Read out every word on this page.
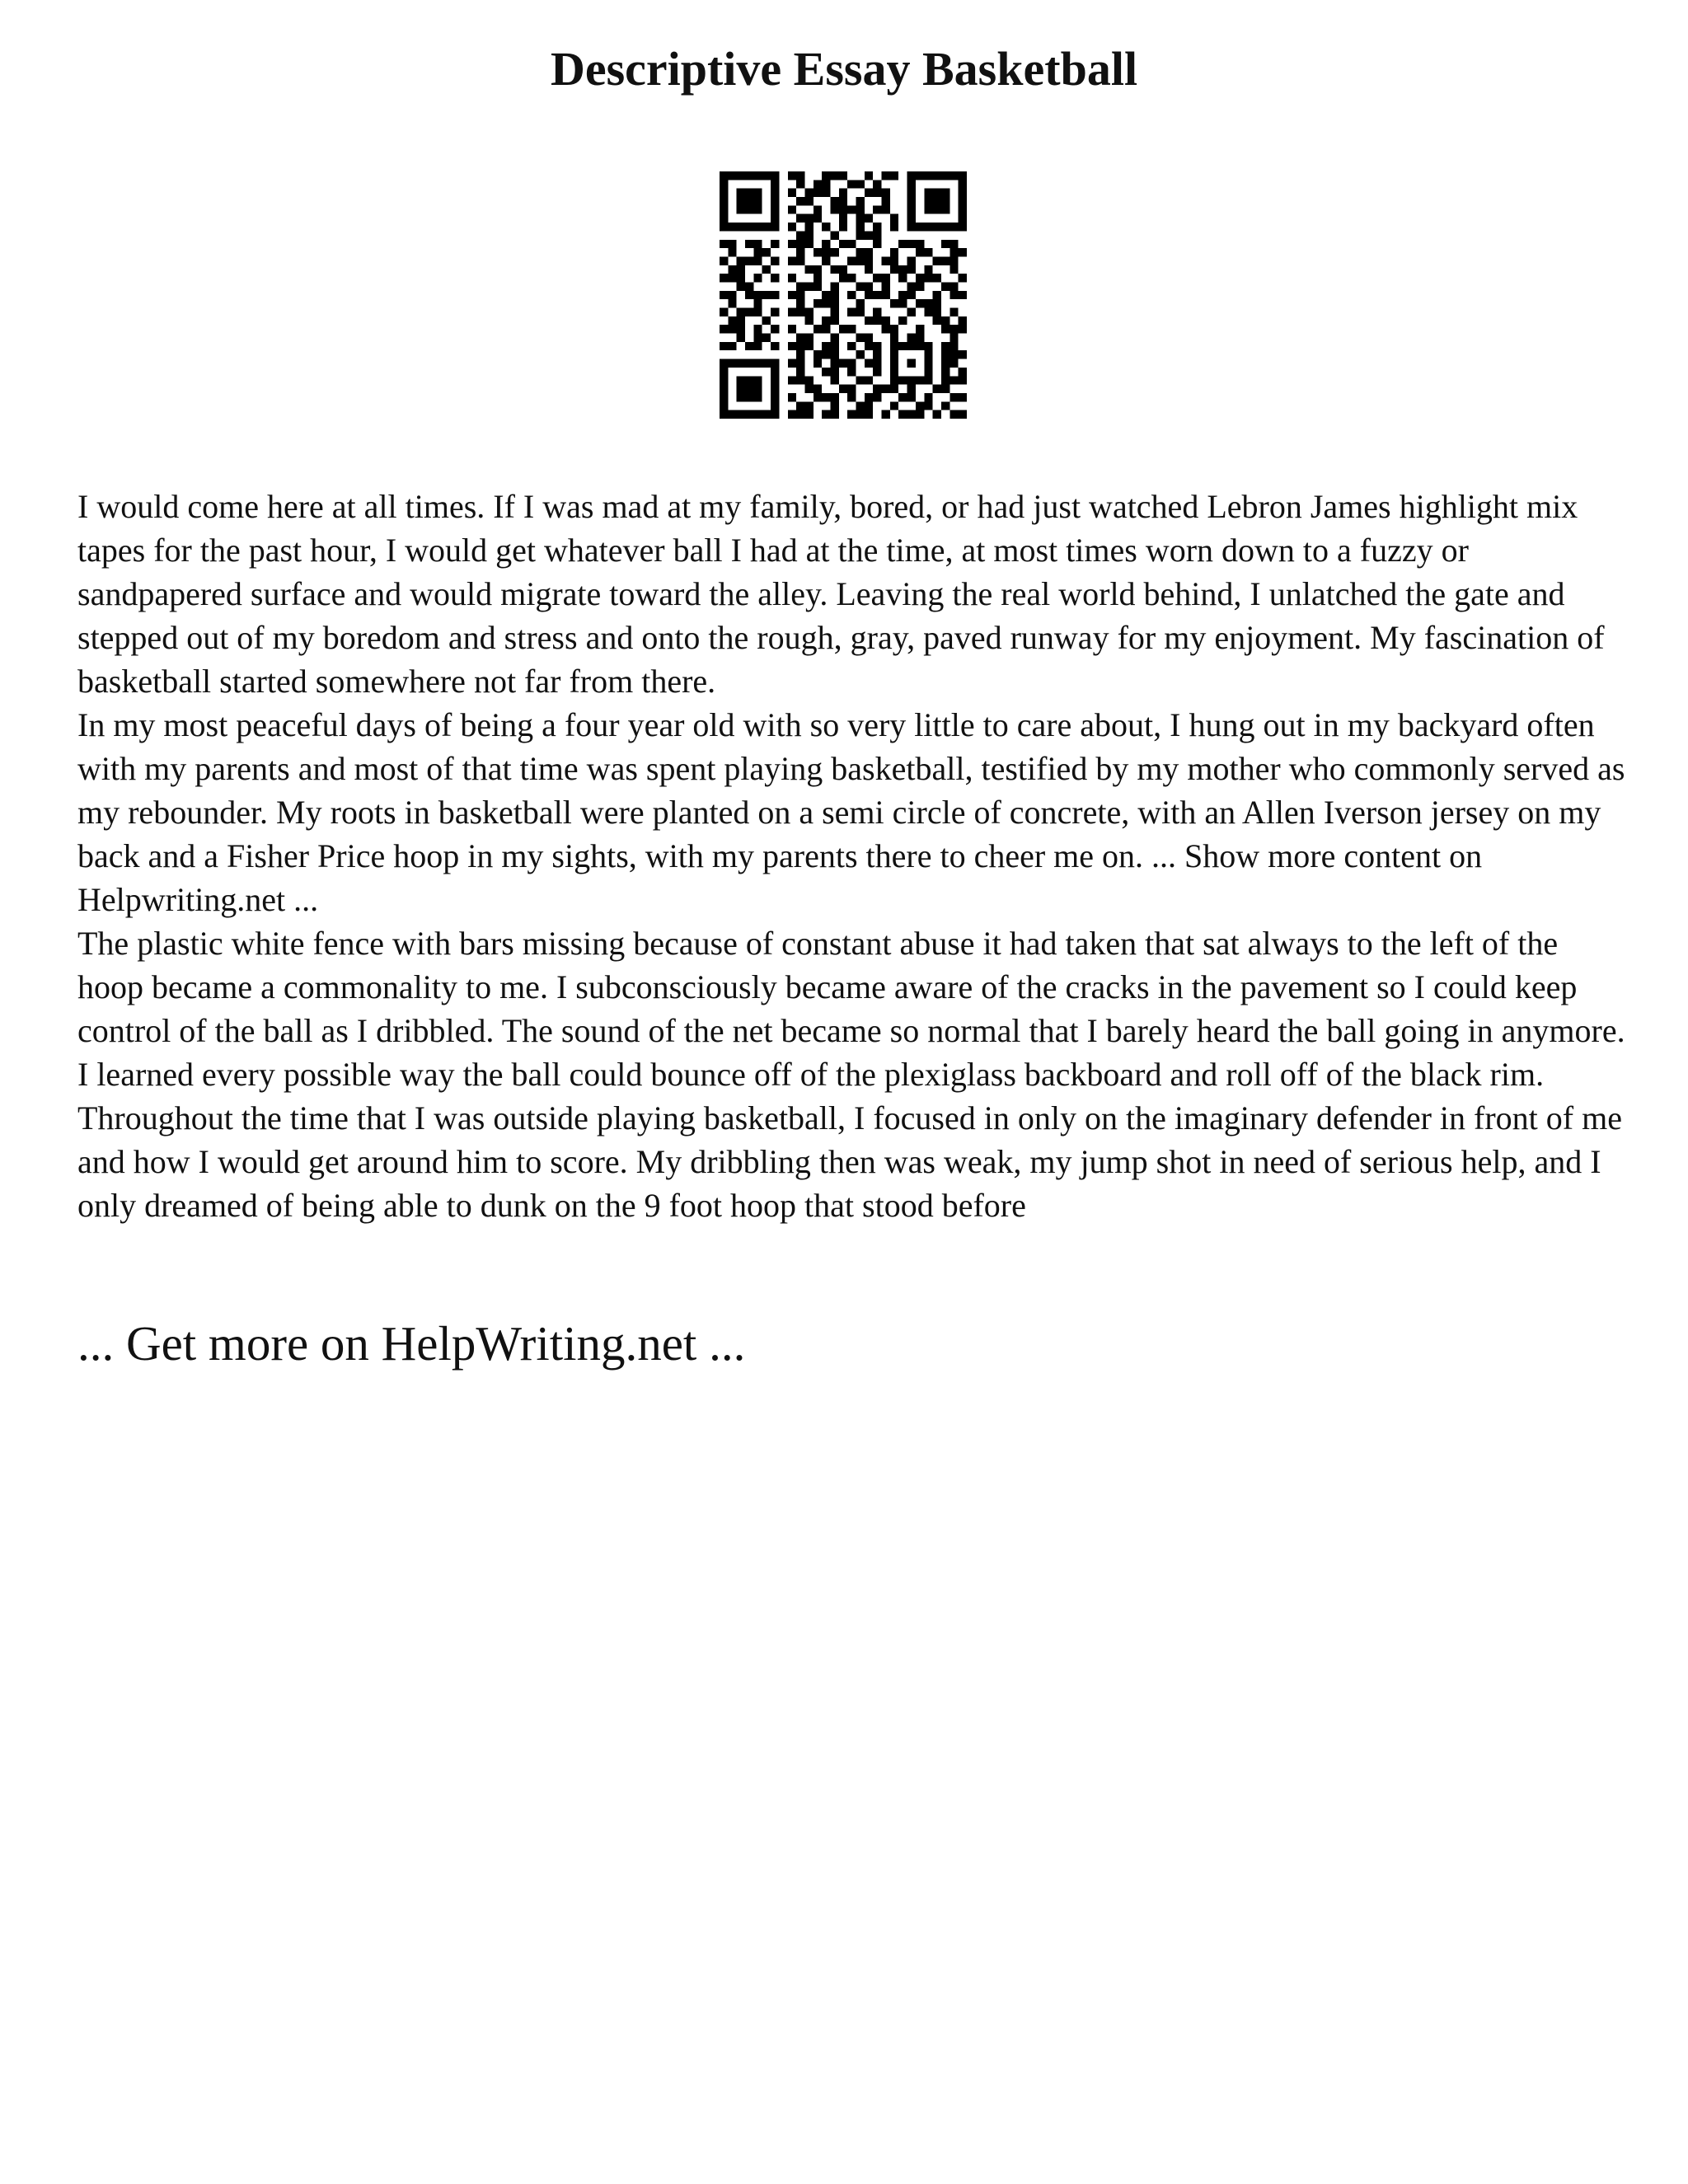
Descriptive Essay Basketball

I would come here at all times. If I was mad at my family, bored, or had just watched Lebron James highlight mix tapes for the past hour, I would get whatever ball I had at the time, at most times worn down to a fuzzy or sandpapered surface and would migrate toward the alley. Leaving the real world behind, I unlatched the gate and stepped out of my boredom and stress and onto the rough, gray, paved runway for my enjoyment. My fascination of basketball started somewhere not far from there.

In my most peaceful days of being a four year old with so very little to care about, I hung out in my backyard often with my parents and most of that time was spent playing basketball, testified by my mother who commonly served as my rebounder. My roots in basketball were planted on a semi circle of concrete, with an Allen Iverson jersey on my back and a Fisher Price hoop in my sights, with my parents there to cheer me on. ... Show more content on Helpwriting.net ...

The plastic white fence with bars missing because of constant abuse it had taken that sat always to the left of the hoop became a commonality to me. I subconsciously became aware of the cracks in the pavement so I could keep control of the ball as I dribbled. The sound of the net became so normal that I barely heard the ball going in anymore. I learned every possible way the ball could bounce off of the plexiglass backboard and roll off of the black rim. Throughout the time that I was outside playing basketball, I focused in only on the imaginary defender in front of me and how I would get around him to score. My dribbling then was weak, my jump shot in need of serious help, and I only dreamed of being able to dunk on the 9 foot hoop that stood before

... Get more on HelpWriting.net ...
